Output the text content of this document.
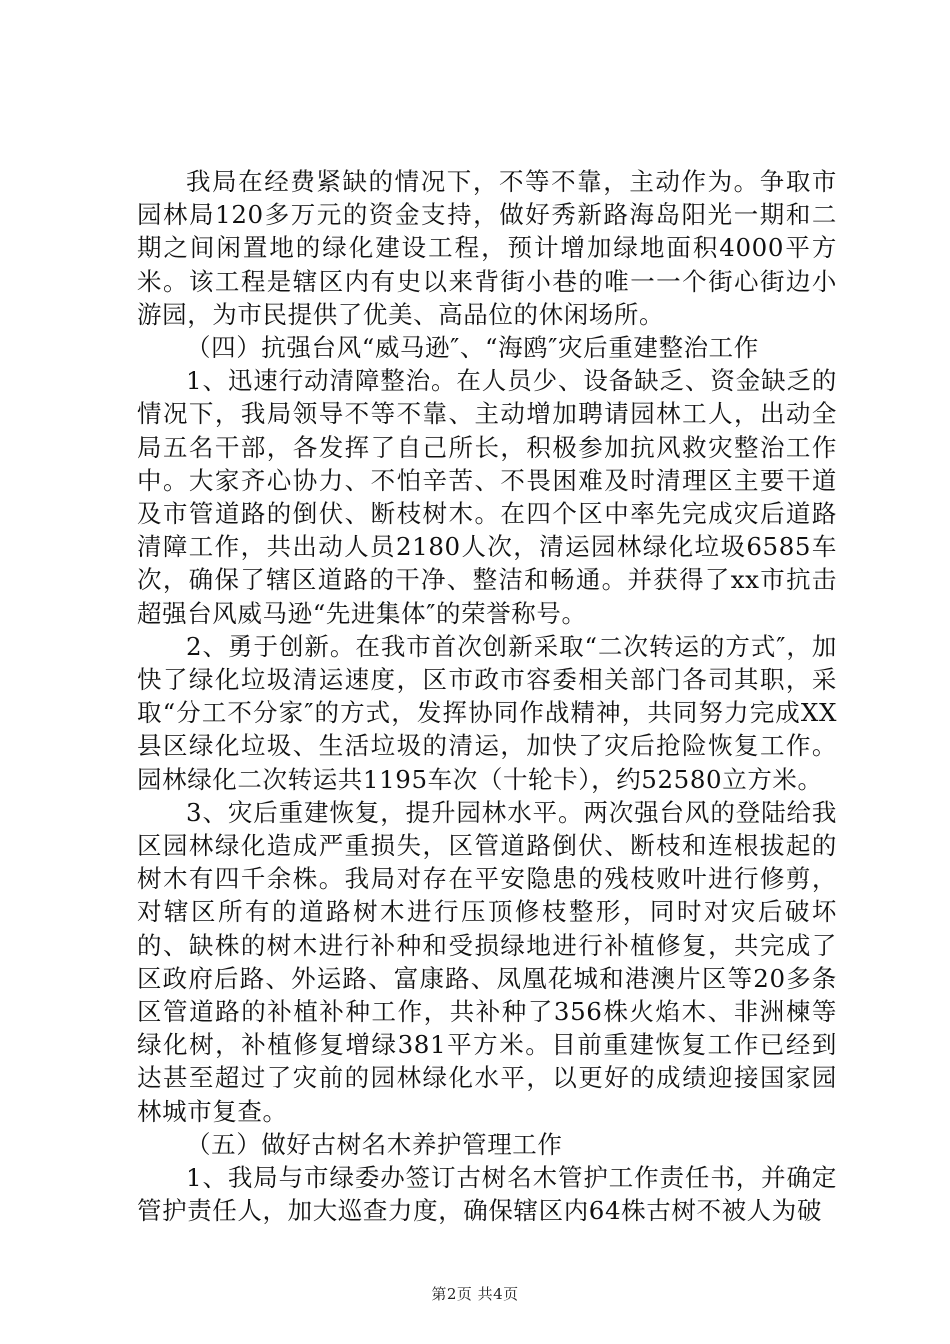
我局在经费紧缺的情况下，不等不靠，主动作为。争取市园林局120多万元的资金支持，做好秀新路海岛阳光一期和二期之间闲置地的绿化建设工程，预计增加绿地面积4000平方米。该工程是辖区内有史以来背街小巷的唯一一个街心街边小游园，为市民提供了优美、高品位的休闲场所。

（四）抗强台风“威马逊″、“海鸥″灾后重建整治工作

1、迅速行动清障整治。在人员少、设备缺乏、资金缺乏的情况下，我局领导不等不靠、主动增加聘请园林工人，出动全局五名干部，各发挥了自己所长，积极参加抗风救灾整治工作中。大家齐心协力、不怕辛苦、不畏困难及时清理区主要干道及市管道路的倒伏、断枝树木。在四个区中率先完成灾后道路清障工作，共出动人员2180人次，清运园林绿化垃圾6585车次，确保了辖区道路的干净、整洁和畅通。并获得了xx市抗击超强台风威马逊“先进集体″的荣誉称号。

2、勇于创新。在我市首次创新采取“二次转运的方式″，加快了绿化垃圾清运速度，区市政市容委相关部门各司其职，采取“分工不分家″的方式，发挥协同作战精神，共同努力完成XX县区绿化垃圾、生活垃圾的清运，加快了灾后抢险恢复工作。园林绿化二次转运共1195车次（十轮卡），约52580立方米。

3、灾后重建恢复，提升园林水平。两次强台风的登陆给我区园林绿化造成严重损失，区管道路倒伏、断枝和连根拔起的树木有四千余株。我局对存在平安隐患的残枝败叶进行修剪，对辖区所有的道路树木进行压顶修枝整形，同时对灾后破坏的、缺株的树木进行补种和受损绿地进行补植修复，共完成了区政府后路、外运路、富康路、凤凰花城和港澳片区等20多条区管道路的补植补种工作，共补种了356株火焰木、非洲楝等绿化树，补植修复增绿381平方米。目前重建恢复工作已经到达甚至超过了灾前的园林绿化水平，以更好的成绩迎接国家园林城市复查。

（五）做好古树名木养护管理工作

1、我局与市绿委办签订古树名木管护工作责任书，并确定管护责任人，加大巡查力度，确保辖区内64株古树不被人为破

第2页 共4页
